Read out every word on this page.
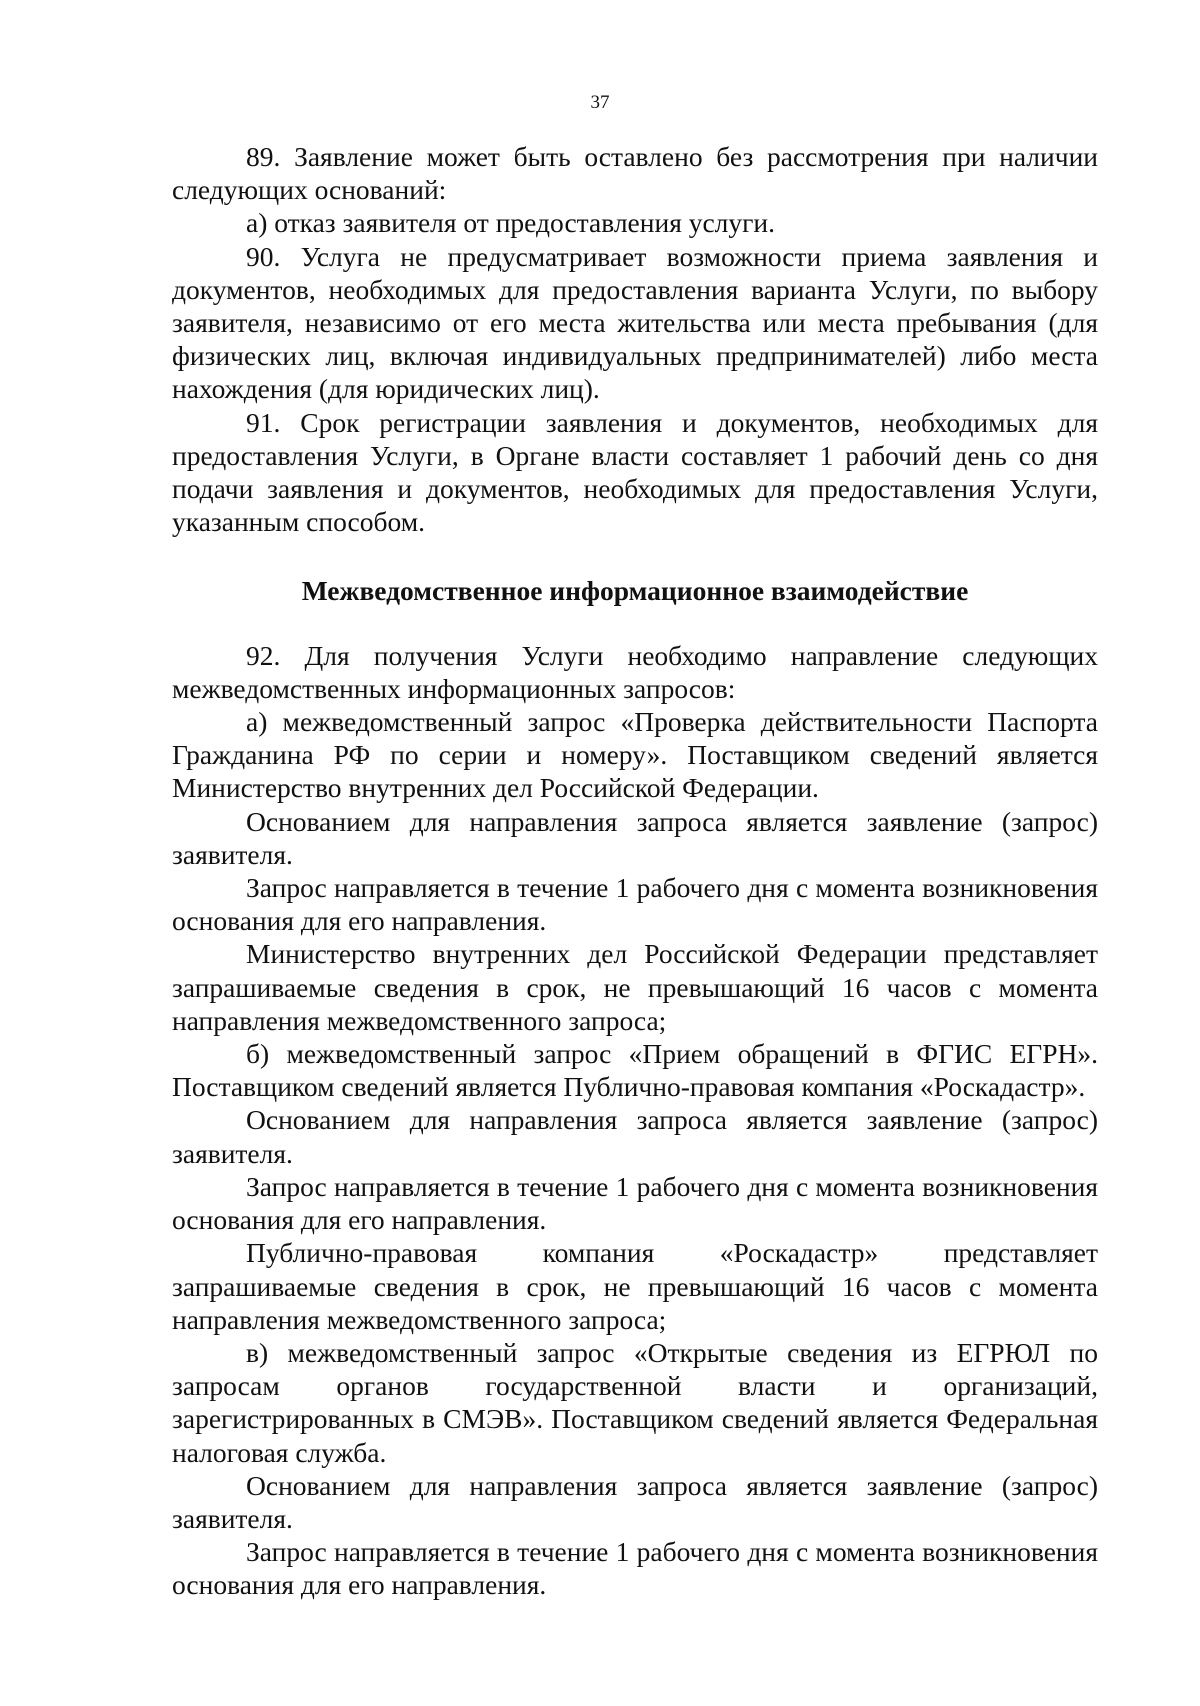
37

89. Заявление может быть оставлено без рассмотрения при наличии следующих оснований:

а) отказ заявителя от предоставления услуги.

90. Услуга не предусматривает возможности приема заявления и документов, необходимых для предоставления варианта Услуги, по выбору заявителя, независимо от его места жительства или места пребывания (для физических лиц, включая индивидуальных предпринимателей) либо места нахождения (для юридических лиц).

91. Срок регистрации заявления и документов, необходимых для предоставления Услуги, в Органе власти составляет 1 рабочий день со дня подачи заявления и документов, необходимых для предоставления Услуги, указанным способом.

Межведомственное информационное взаимодействие

92. Для получения Услуги необходимо направление следующих межведомственных информационных запросов:

а) межведомственный запрос «Проверка действительности Паспорта Гражданина РФ по серии и номеру». Поставщиком сведений является Министерство внутренних дел Российской Федерации.

Основанием для направления запроса является заявление (запрос) заявителя.

Запрос направляется в течение 1 рабочего дня с момента возникновения основания для его направления.

Министерство внутренних дел Российской Федерации представляет запрашиваемые сведения в срок, не превышающий 16 часов с момента направления межведомственного запроса;

б) межведомственный запрос «Прием обращений в ФГИС ЕГРН». Поставщиком сведений является Публично-правовая компания «Роскадастр».

Основанием для направления запроса является заявление (запрос) заявителя.

Запрос направляется в течение 1 рабочего дня с момента возникновения основания для его направления.

Публично-правовая компания «Роскадастр» представляет запрашиваемые сведения в срок, не превышающий 16 часов с момента направления межведомственного запроса;

в) межведомственный запрос «Открытые сведения из ЕГРЮЛ по запросам органов государственной власти и организаций, зарегистрированных в СМЭВ». Поставщиком сведений является Федеральная налоговая служба.

Основанием для направления запроса является заявление (запрос) заявителя.

Запрос направляется в течение 1 рабочего дня с момента возникновения основания для его направления.
